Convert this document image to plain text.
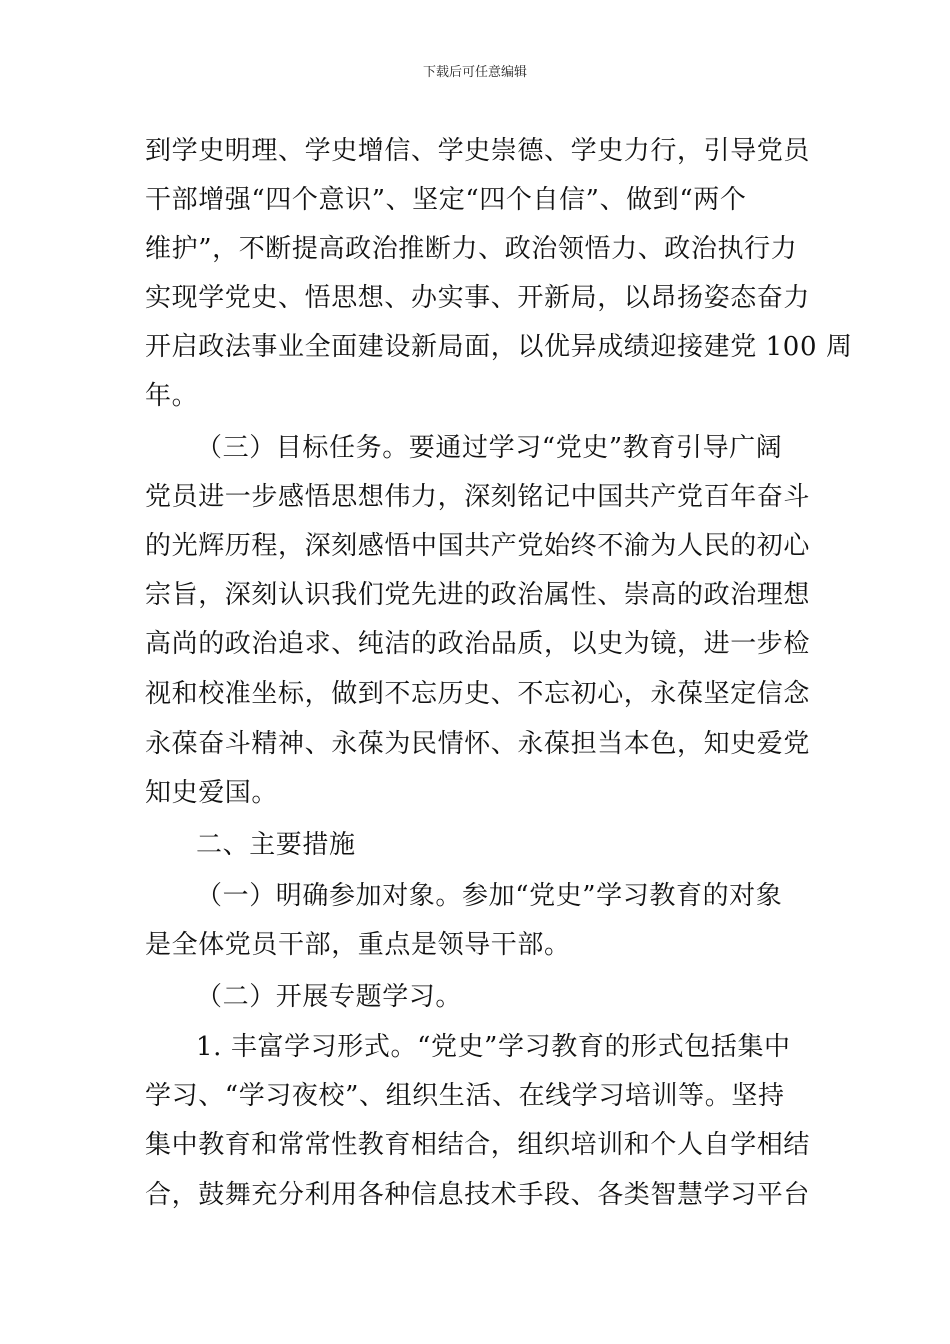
下载后可任意编辑
到学史明理、学史增信、学史崇德、学史力行，引导党员
干部增强“四个意识”、坚定“四个自信”、做到“两个
维护”，不断提高政治推断力、政治领悟力、政治执行力
实现学党史、悟思想、办实事、开新局，以昂扬姿态奋力
开启政法事业全面建设新局面，以优异成绩迎接建党 100 周
年。
（三）目标任务。要通过学习“党史”教育引导广阔
党员进一步感悟思想伟力，深刻铭记中国共产党百年奋斗
的光辉历程，深刻感悟中国共产党始终不渝为人民的初心
宗旨，深刻认识我们党先进的政治属性、崇高的政治理想
高尚的政治追求、纯洁的政治品质，以史为镜，进一步检
视和校准坐标，做到不忘历史、不忘初心，永葆坚定信念
永葆奋斗精神、永葆为民情怀、永葆担当本色，知史爱党
知史爱国。
二、主要措施
（一）明确参加对象。参加“党史”学习教育的对象
是全体党员干部，重点是领导干部。
（二）开展专题学习。
1. 丰富学习形式。“党史”学习教育的形式包括集中
学习、“学习夜校”、组织生活、在线学习培训等。坚持
集中教育和常常性教育相结合，组织培训和个人自学相结
合，鼓舞充分利用各种信息技术手段、各类智慧学习平台
